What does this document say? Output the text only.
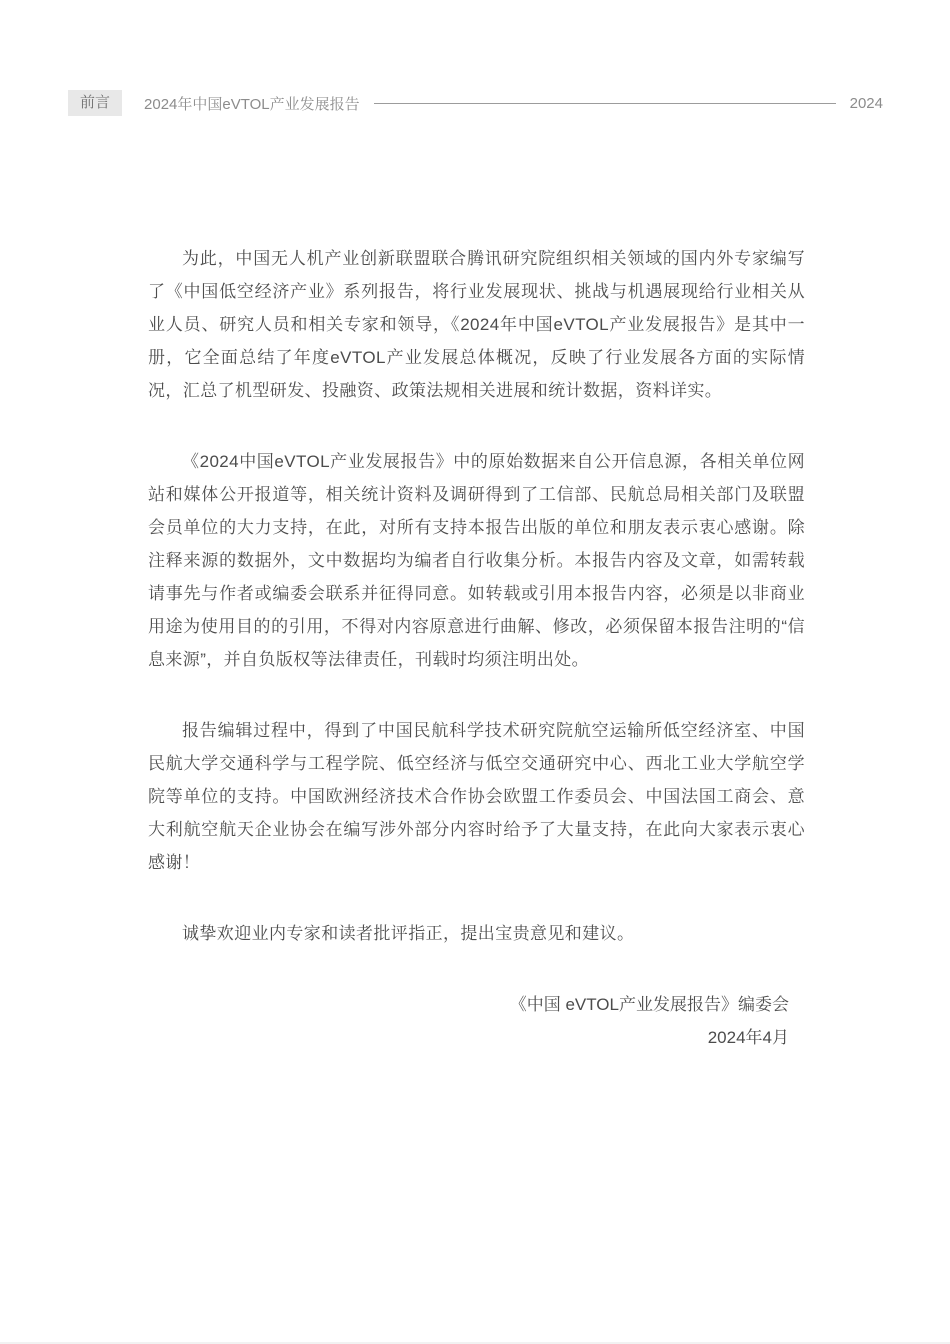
前言	2024年中国eVTOL产业发展报告	2024

为此，中国无人机产业创新联盟联合腾讯研究院组织相关领域的国内外专家编写了《中国低空经济产业》系列报告，将行业发展现状、挑战与机遇展现给行业相关从业人员、研究人员和相关专家和领导，《2024年中国eVTOL产业发展报告》是其中一册，它全面总结了年度eVTOL产业发展总体概况，反映了行业发展各方面的实际情况，汇总了机型研发、投融资、政策法规相关进展和统计数据，资料详实。

《2024中国eVTOL产业发展报告》中的原始数据来自公开信息源，各相关单位网站和媒体公开报道等，相关统计资料及调研得到了工信部、民航总局相关部门及联盟会员单位的大力支持，在此，对所有支持本报告出版的单位和朋友表示衷心感谢。除注释来源的数据外，文中数据均为编者自行收集分析。本报告内容及文章，如需转载请事先与作者或编委会联系并征得同意。如转载或引用本报告内容，必须是以非商业用途为使用目的的引用，不得对内容原意进行曲解、修改，必须保留本报告注明的“信息来源”，并自负版权等法律责任，刊载时均须注明出处。

报告编辑过程中，得到了中国民航科学技术研究院航空运输所低空经济室、中国民航大学交通科学与工程学院、低空经济与低空交通研究中心、西北工业大学航空学院等单位的支持。中国欧洲经济技术合作协会欧盟工作委员会、中国法国工商会、意大利航空航天企业协会在编写涉外部分内容时给予了大量支持，在此向大家表示衷心感谢！

诚挚欢迎业内专家和读者批评指正，提出宝贵意见和建议。

《中国 eVTOL产业发展报告》编委会

2024年4月
